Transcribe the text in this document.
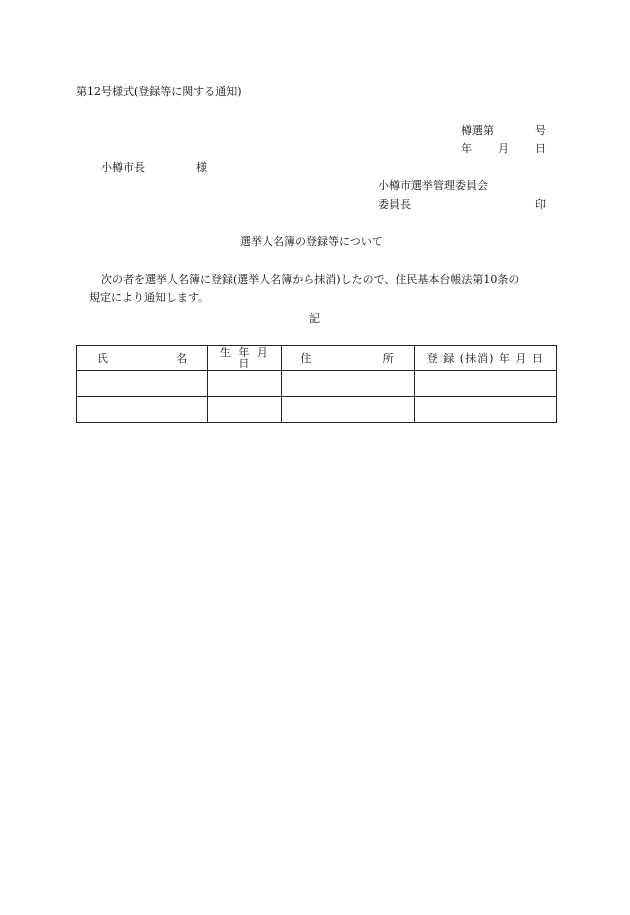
第12号様式(登録等に関する通知)
樽選第	号
年 月 日
小樽市長	様
小樽市選挙管理委員会
委員長	印
選挙人名簿の登録等について
次の者を選挙人名簿に登録(選挙人名簿から抹消)したので、住民基本台帳法第10条の
規定により通知します。
記
氏 名	生 年 月 日	住 所	登 録 (抹消) 年 月 日
